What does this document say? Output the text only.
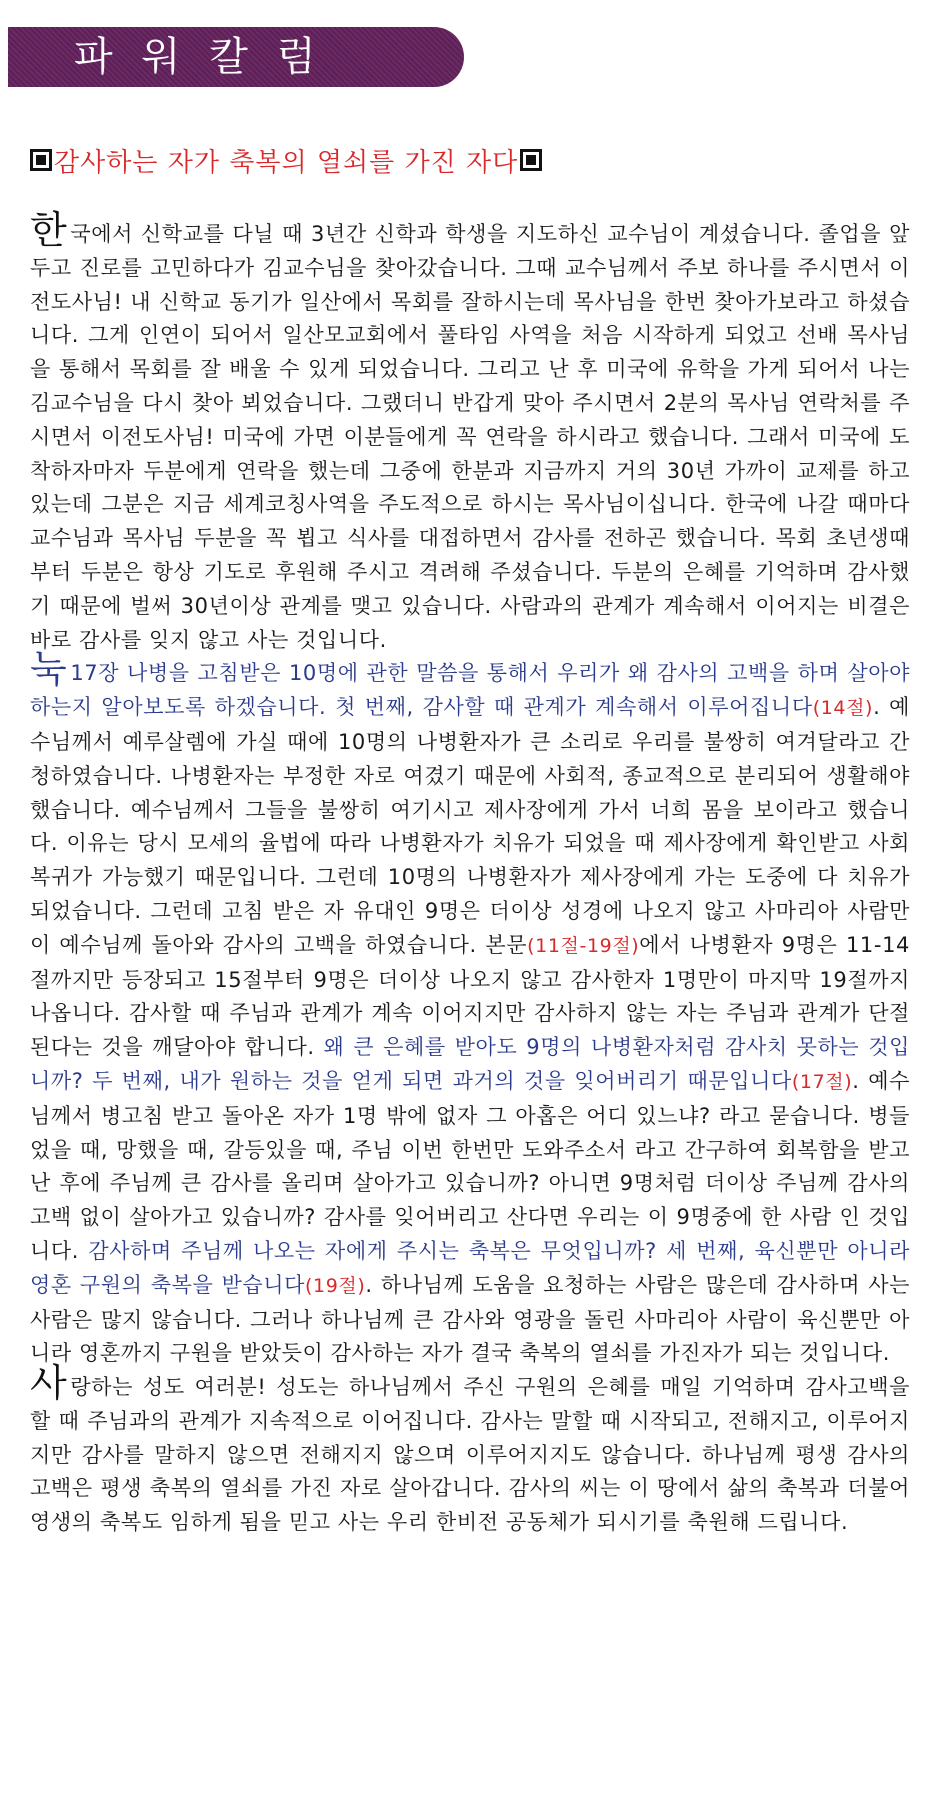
파워칼럼
감사하는 자가 축복의 열쇠를 가진 자다

한국에서 신학교를 다닐 때 3년간 신학과 학생을 지도하신 교수님이 계셨습니다. 졸업을 앞두고 진로를 고민하다가 김교수님을 찾아갔습니다. 그때 교수님께서 주보 하나를 주시면서 이전도사님! 내 신학교 동기가 일산에서 목회를 잘하시는데 목사님을 한번 찾아가보라고 하셨습니다. 그게 인연이 되어서 일산모교회에서 풀타임 사역을 처음 시작하게 되었고 선배 목사님을 통해서 목회를 잘 배울 수 있게 되었습니다. 그리고 난 후 미국에 유학을 가게 되어서 나는 김교수님을 다시 찾아 뵈었습니다. 그랬더니 반갑게 맞아 주시면서 2분의 목사님 연락처를 주시면서 이전도사님! 미국에 가면 이분들에게 꼭 연락을 하시라고 했습니다. 그래서 미국에 도착하자마자 두분에게 연락을 했는데 그중에 한분과 지금까지 거의 30년 가까이 교제를 하고 있는데 그분은 지금 세계코칭사역을 주도적으로 하시는 목사님이십니다. 한국에 나갈 때마다 교수님과 목사님 두분을 꼭 뵙고 식사를 대접하면서 감사를 전하곤 했습니다. 목회 초년생때부터 두분은 항상 기도로 후원해 주시고 격려해 주셨습니다. 두분의 은혜를 기억하며 감사했기 때문에 벌써 30년이상 관계를 맺고 있습니다. 사람과의 관계가 계속해서 이어지는 비결은 바로 감사를 잊지 않고 사는 것입니다.

눅 17장 나병을 고침받은 10명에 관한 말씀을 통해서 우리가 왜 감사의 고백을 하며 살아야 하는지 알아보도록 하겠습니다. 첫 번째, 감사할 때 관계가 계속해서 이루어집니다(14절). 예수님께서 예루살렘에 가실 때에 10명의 나병환자가 큰 소리로 우리를 불쌍히 여겨달라고 간청하였습니다. 나병환자는 부정한 자로 여겼기 때문에 사회적, 종교적으로 분리되어 생활해야 했습니다. 예수님께서 그들을 불쌍히 여기시고 제사장에게 가서 너희 몸을 보이라고 했습니다. 이유는 당시 모세의 율법에 따라 나병환자가 치유가 되었을 때 제사장에게 확인받고 사회복귀가 가능했기 때문입니다. 그런데 10명의 나병환자가 제사장에게 가는 도중에 다 치유가 되었습니다. 그런데 고침 받은 자 유대인 9명은 더이상 성경에 나오지 않고 사마리아 사람만이 예수님께 돌아와 감사의 고백을 하였습니다. 본문(11절-19절)에서 나병환자 9명은 11-14절까지만 등장되고 15절부터 9명은 더이상 나오지 않고 감사한자 1명만이 마지막 19절까지 나옵니다. 감사할 때 주님과 관계가 계속 이어지지만 감사하지 않는 자는 주님과 관계가 단절된다는 것을 깨달아야 합니다. 왜 큰 은혜를 받아도 9명의 나병환자처럼 감사치 못하는 것입니까? 두 번째, 내가 원하는 것을 얻게 되면 과거의 것을 잊어버리기 때문입니다(17절). 예수님께서 병고침 받고 돌아온 자가 1명 밖에 없자 그 아홉은 어디 있느냐? 라고 묻습니다. 병들었을 때, 망했을 때, 갈등있을 때, 주님 이번 한번만 도와주소서 라고 간구하여 회복함을 받고 난 후에 주님께 큰 감사를 올리며 살아가고 있습니까? 아니면 9명처럼 더이상 주님께 감사의 고백 없이 살아가고 있습니까? 감사를 잊어버리고 산다면 우리는 이 9명중에 한 사람 인 것입니다. 감사하며 주님께 나오는 자에게 주시는 축복은 무엇입니까? 세 번째, 육신뿐만 아니라 영혼 구원의 축복을 받습니다(19절). 하나님께 도움을 요청하는 사람은 많은데 감사하며 사는 사람은 많지 않습니다. 그러나 하나님께 큰 감사와 영광을 돌린 사마리아 사람이 육신뿐만 아니라 영혼까지 구원을 받았듯이 감사하는 자가 결국 축복의 열쇠를 가진자가 되는 것입니다.

사랑하는 성도 여러분! 성도는 하나님께서 주신 구원의 은혜를 매일 기억하며 감사고백을 할 때 주님과의 관계가 지속적으로 이어집니다. 감사는 말할 때 시작되고, 전해지고, 이루어지지만 감사를 말하지 않으면 전해지지 않으며 이루어지지도 않습니다. 하나님께 평생 감사의 고백은 평생 축복의 열쇠를 가진 자로 살아갑니다. 감사의 씨는 이 땅에서 삶의 축복과 더불어 영생의 축복도 임하게 됨을 믿고 사는 우리 한비전 공동체가 되시기를 축원해 드립니다.
